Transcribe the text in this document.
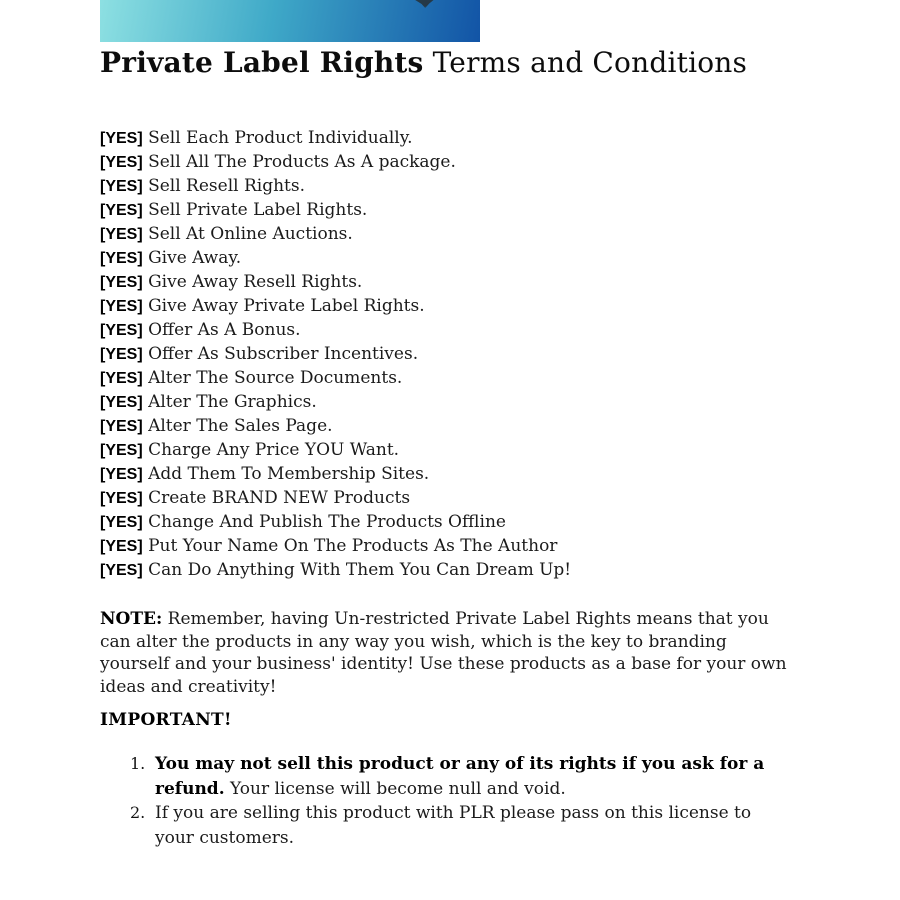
Private Label Rights Terms and Conditions
[YES] Sell Each Product Individually.
[YES] Sell All The Products As A package.
[YES] Sell Resell Rights.
[YES] Sell Private Label Rights.
[YES] Sell At Online Auctions.
[YES] Give Away.
[YES] Give Away Resell Rights.
[YES] Give Away Private Label Rights.
[YES] Offer As A Bonus.
[YES] Offer As Subscriber Incentives.
[YES] Alter The Source Documents.
[YES] Alter The Graphics.
[YES] Alter The Sales Page.
[YES] Charge Any Price YOU Want.
[YES] Add Them To Membership Sites.
[YES] Create BRAND NEW Products
[YES] Change And Publish The Products Offline
[YES] Put Your Name On The Products As The Author
[YES] Can Do Anything With Them You Can Dream Up!

NOTE: Remember, having Un-restricted Private Label Rights means that you can alter the products in any way you wish, which is the key to branding yourself and your business' identity! Use these products as a base for your own ideas and creativity!

IMPORTANT!
1. You may not sell this product or any of its rights if you ask for a refund. Your license will become null and void.
2. If you are selling this product with PLR please pass on this license to your customers.
